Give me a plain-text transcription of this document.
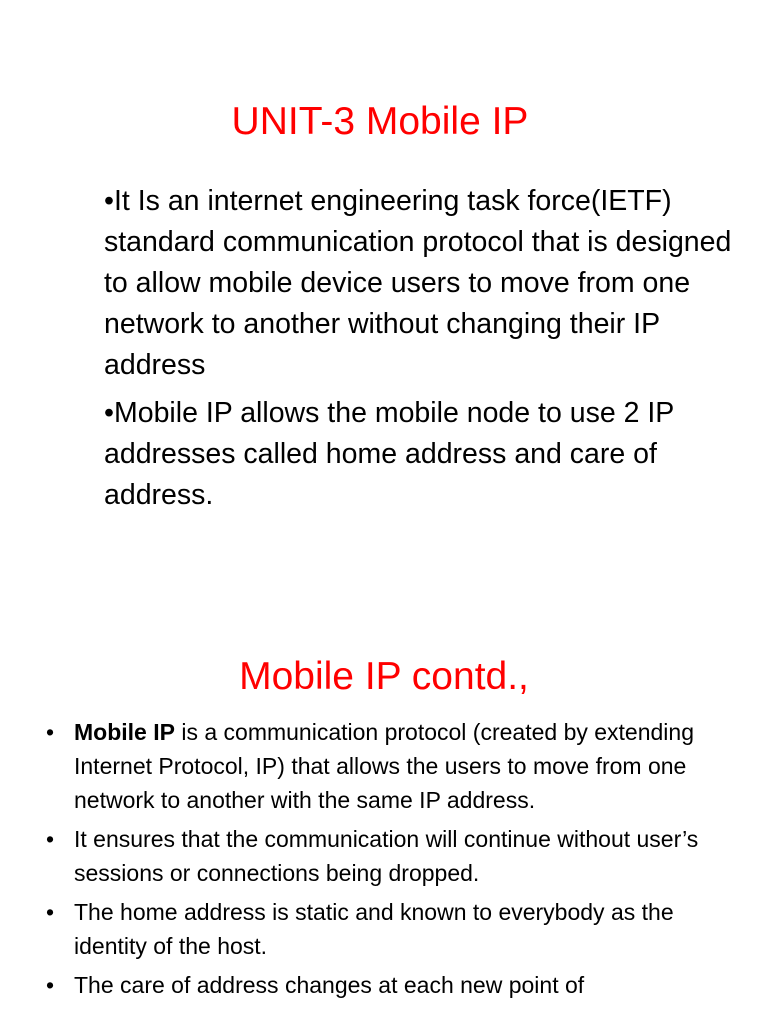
UNIT-3 Mobile IP
•It Is an internet engineering task force(IETF) standard communication protocol that is designed to allow mobile device users to move from one network to another without changing their IP address
•Mobile IP allows the mobile node to use 2 IP addresses called home address and care of address.
Mobile IP contd.,
• Mobile IP is a communication protocol (created by extending Internet Protocol, IP) that allows the users to move from one network to another with the same IP address.
• It ensures that the communication will continue without user’s sessions or connections being dropped.
• The home address is static and known to everybody as the identity of the host.
• The care of address changes at each new point of
